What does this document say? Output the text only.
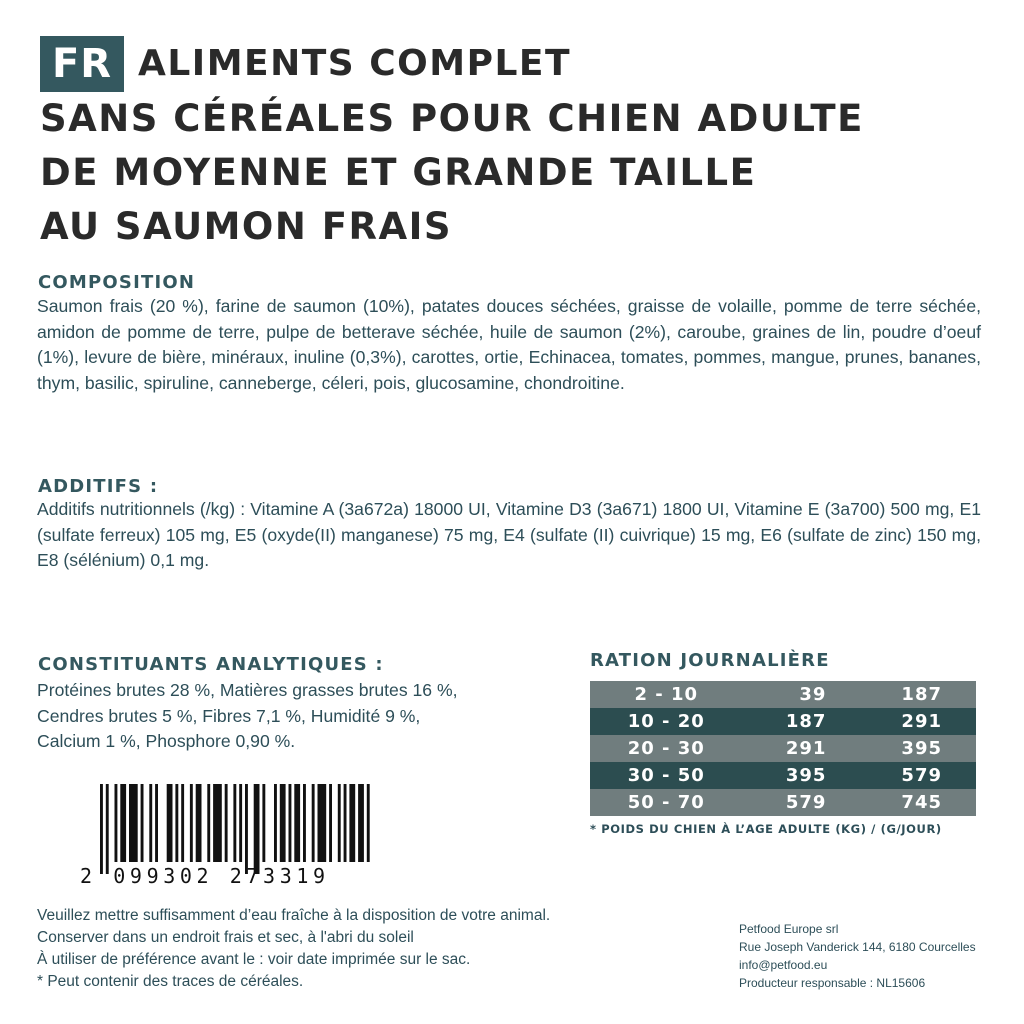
FR ALIMENTS COMPLET
SANS CÉRÉALES POUR CHIEN ADULTE
DE MOYENNE ET GRANDE TAILLE
AU SAUMON FRAIS
COMPOSITION
Saumon frais (20 %), farine de saumon (10%), patates douces séchées, graisse de volaille, pomme de terre séchée, amidon de pomme de terre, pulpe de betterave séchée, huile de saumon (2%), caroube, graines de lin, poudre d’oeuf (1%), levure de bière, minéraux, inuline (0,3%), carottes, ortie, Echinacea, tomates, pommes, mangue, prunes, bananes, thym, basilic, spiruline, canneberge, céleri, pois, glucosamine, chondroitine.
ADDITIFS :
Additifs nutritionnels (/kg) : Vitamine A (3a672a) 18000 UI, Vitamine D3 (3a671) 1800 UI, Vitamine E (3a700) 500 mg, E1 (sulfate ferreux) 105 mg, E5 (oxyde(II) manganese) 75 mg, E4 (sulfate (II) cuivrique) 15 mg, E6 (sulfate de zinc) 150 mg, E8 (sélénium) 0,1 mg.
CONSTITUANTS ANALYTIQUES :
Protéines brutes 28 %, Matières grasses brutes 16 %,
Cendres brutes 5 %, Fibres 7,1 %, Humidité 9 %,
Calcium 1 %, Phosphore 0,90 %.
RATION JOURNALIÈRE
2 - 10	39	187
10 - 20	187	291
20 - 30	291	395
30 - 50	395	579
50 - 70	579	745
* POIDS DU CHIEN À L’AGE ADULTE (KG) / (G/JOUR)
2 099302 273319
Veuillez mettre suffisamment d’eau fraîche à la disposition de votre animal.
Conserver dans un endroit frais et sec, à l'abri du soleil
À utiliser de préférence avant le : voir date imprimée sur le sac.
* Peut contenir des traces de céréales.
Petfood Europe srl
Rue Joseph Vanderick 144, 6180 Courcelles
info@petfood.eu
Producteur responsable : NL15606
